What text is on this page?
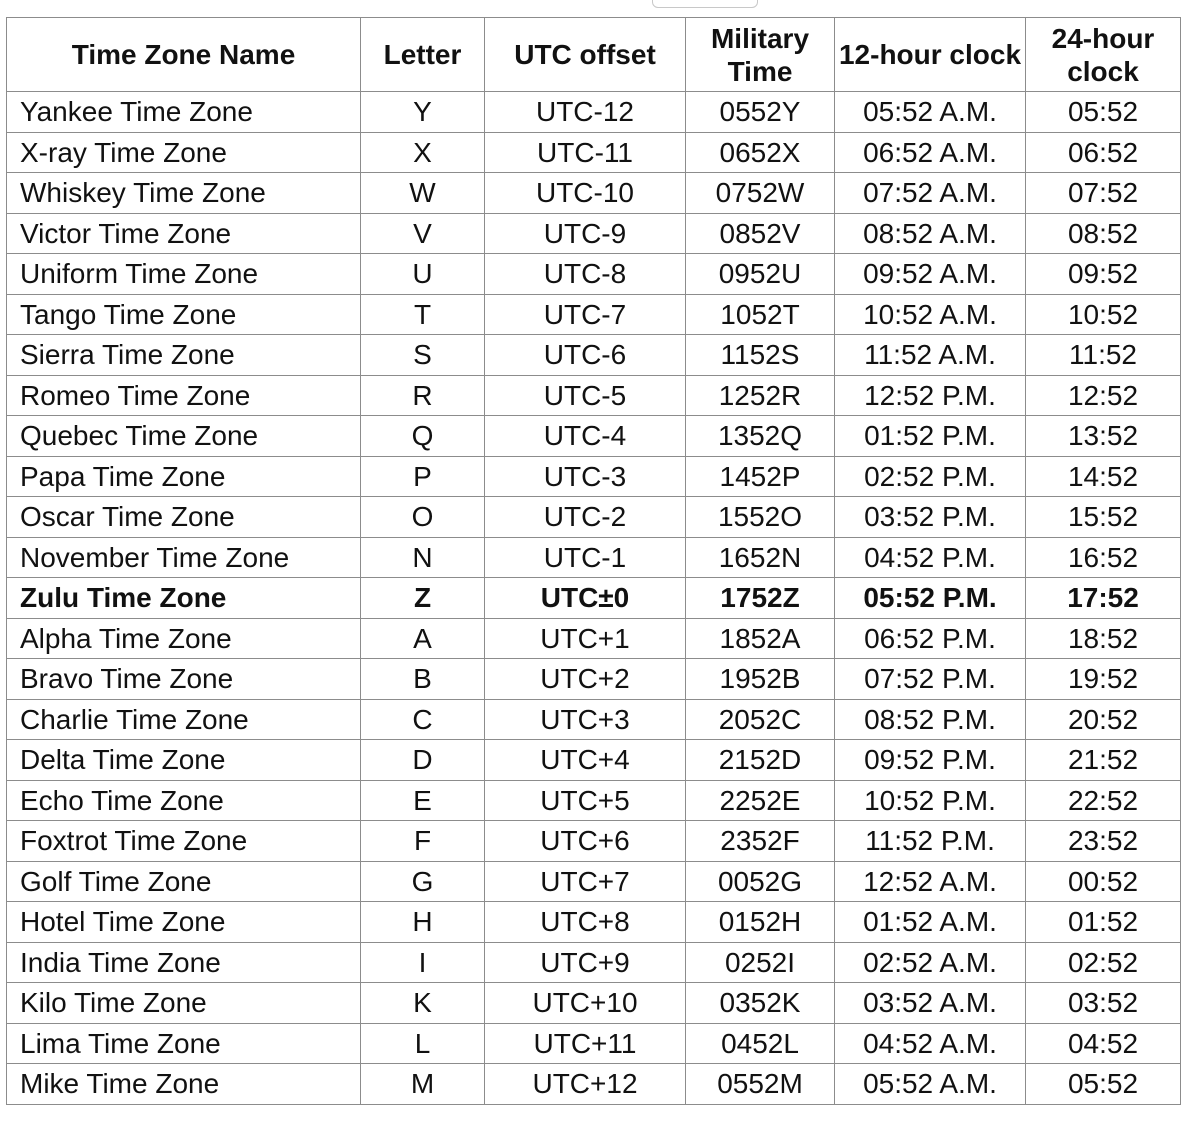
Time Zone Name	Letter	UTC offset	Military Time	12-hour clock	24-hour clock
Yankee Time Zone	Y	UTC-12	0552Y	05:52 A.M.	05:52
X-ray Time Zone	X	UTC-11	0652X	06:52 A.M.	06:52
Whiskey Time Zone	W	UTC-10	0752W	07:52 A.M.	07:52
Victor Time Zone	V	UTC-9	0852V	08:52 A.M.	08:52
Uniform Time Zone	U	UTC-8	0952U	09:52 A.M.	09:52
Tango Time Zone	T	UTC-7	1052T	10:52 A.M.	10:52
Sierra Time Zone	S	UTC-6	1152S	11:52 A.M.	11:52
Romeo Time Zone	R	UTC-5	1252R	12:52 P.M.	12:52
Quebec Time Zone	Q	UTC-4	1352Q	01:52 P.M.	13:52
Papa Time Zone	P	UTC-3	1452P	02:52 P.M.	14:52
Oscar Time Zone	O	UTC-2	1552O	03:52 P.M.	15:52
November Time Zone	N	UTC-1	1652N	04:52 P.M.	16:52
Zulu Time Zone	Z	UTC±0	1752Z	05:52 P.M.	17:52
Alpha Time Zone	A	UTC+1	1852A	06:52 P.M.	18:52
Bravo Time Zone	B	UTC+2	1952B	07:52 P.M.	19:52
Charlie Time Zone	C	UTC+3	2052C	08:52 P.M.	20:52
Delta Time Zone	D	UTC+4	2152D	09:52 P.M.	21:52
Echo Time Zone	E	UTC+5	2252E	10:52 P.M.	22:52
Foxtrot Time Zone	F	UTC+6	2352F	11:52 P.M.	23:52
Golf Time Zone	G	UTC+7	0052G	12:52 A.M.	00:52
Hotel Time Zone	H	UTC+8	0152H	01:52 A.M.	01:52
India Time Zone	I	UTC+9	0252I	02:52 A.M.	02:52
Kilo Time Zone	K	UTC+10	0352K	03:52 A.M.	03:52
Lima Time Zone	L	UTC+11	0452L	04:52 A.M.	04:52
Mike Time Zone	M	UTC+12	0552M	05:52 A.M.	05:52
